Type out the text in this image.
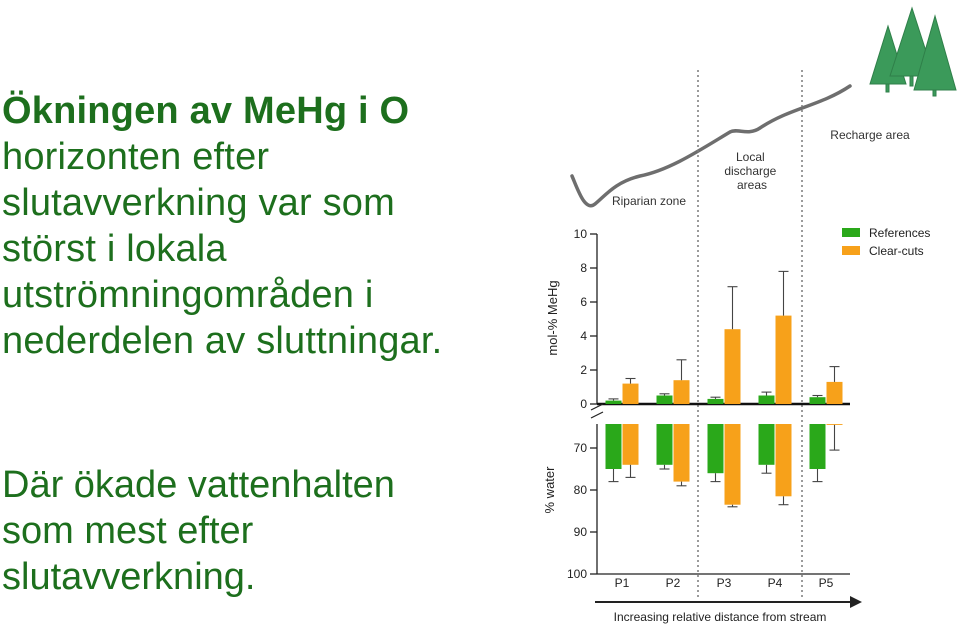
Ökningen av MeHg i O horizonten efter slutavverkning var som störst i lokala utströmningområden i nederdelen av sluttningar.

Där ökade vattenhalten som mest efter slutavverkning.

Riparian zone
Local discharge areas
Recharge area
References
Clear-cuts
mol-% MeHg
% water
Increasing relative distance from stream
0
2
4
6
8
10
70
80
90
100
P1	P2	P3	P4	P5
